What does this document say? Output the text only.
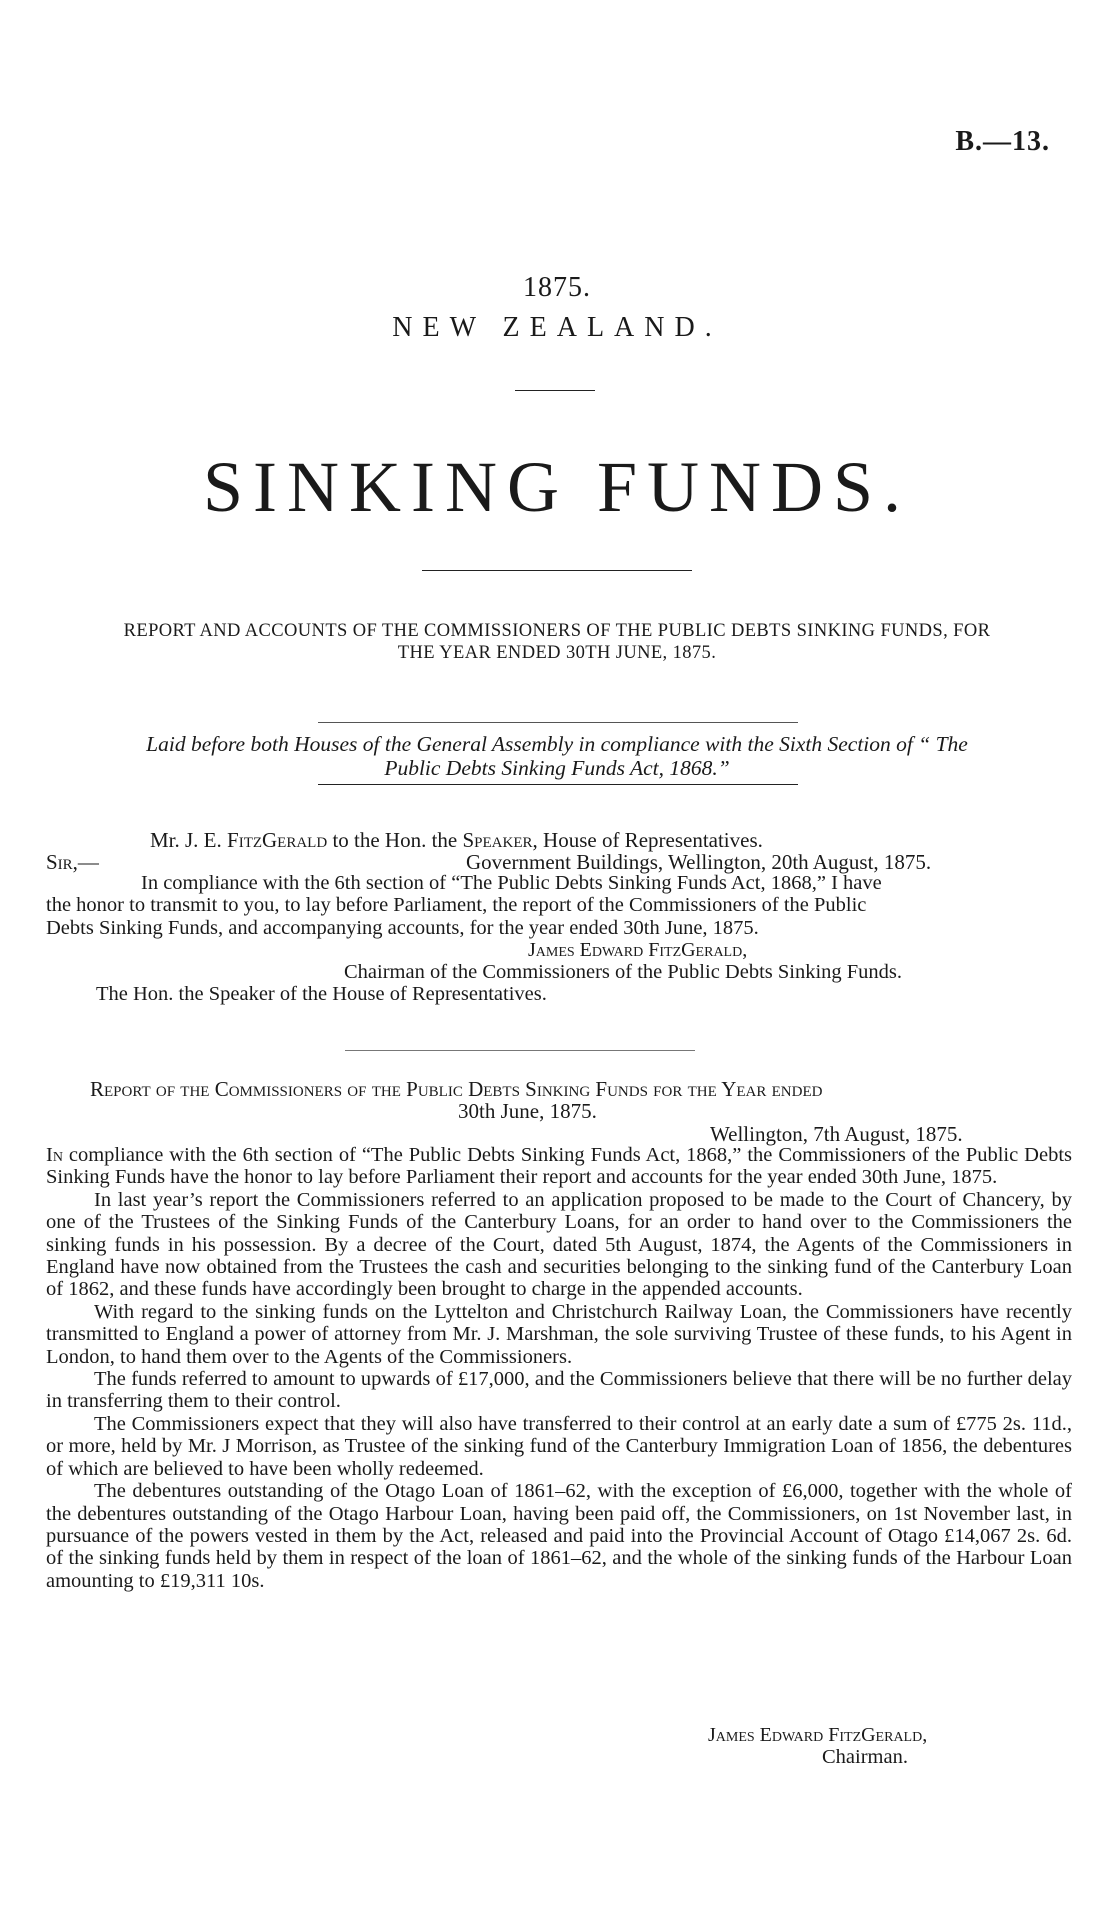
B.—13.
1875.
NEW ZEALAND.
SINKING FUNDS.
REPORT AND ACCOUNTS OF THE COMMISSIONERS OF THE PUBLIC DEBTS SINKING FUNDS, FOR
THE YEAR ENDED 30TH JUNE, 1875.
Laid before both Houses of the General Assembly in compliance with the Sixth Section of “ The
Public Debts Sinking Funds Act, 1868.”
Mr. J. E. FitzGerald to the Hon. the Speaker, House of Representatives.
Sir,—	Government Buildings, Wellington, 20th August, 1875.
In compliance with the 6th section of “The Public Debts Sinking Funds Act, 1868,” I have
the honor to transmit to you, to lay before Parliament, the report of the Commissioners of the Public
Debts Sinking Funds, and accompanying accounts, for the year ended 30th June, 1875.
James Edward FitzGerald,
Chairman of the Commissioners of the Public Debts Sinking Funds.
The Hon. the Speaker of the House of Representatives.
Report of the Commissioners of the Public Debts Sinking Funds for the Year ended
30th June, 1875.
Wellington, 7th August, 1875.

In compliance with the 6th section of “The Public Debts Sinking Funds Act, 1868,” the Commissioners of the Public Debts Sinking Funds have the honor to lay before Parliament their report and accounts for the year ended 30th June, 1875.

In last year’s report the Commissioners referred to an application proposed to be made to the Court of Chancery, by one of the Trustees of the Sinking Funds of the Canterbury Loans, for an order to hand over to the Commissioners the sinking funds in his possession. By a decree of the Court, dated 5th August, 1874, the Agents of the Commissioners in England have now obtained from the Trustees the cash and securities belonging to the sinking fund of the Canterbury Loan of 1862, and these funds have accordingly been brought to charge in the appended accounts.

With regard to the sinking funds on the Lyttelton and Christchurch Railway Loan, the Commissioners have recently transmitted to England a power of attorney from Mr. J. Marshman, the sole surviving Trustee of these funds, to his Agent in London, to hand them over to the Agents of the Commissioners.

The funds referred to amount to upwards of £17,000, and the Commissioners believe that there will be no further delay in transferring them to their control.

The Commissioners expect that they will also have transferred to their control at an early date a sum of £775 2s. 11d., or more, held by Mr. J Morrison, as Trustee of the sinking fund of the Canterbury Immigration Loan of 1856, the debentures of which are believed to have been wholly redeemed.

The debentures outstanding of the Otago Loan of 1861–62, with the exception of £6,000, together with the whole of the debentures outstanding of the Otago Harbour Loan, having been paid off, the Commissioners, on 1st November last, in pursuance of the powers vested in them by the Act, released and paid into the Provincial Account of Otago £14,067 2s. 6d. of the sinking funds held by them in respect of the loan of 1861–62, and the whole of the sinking funds of the Harbour Loan amounting to £19,311 10s.

James Edward FitzGerald,
Chairman.
